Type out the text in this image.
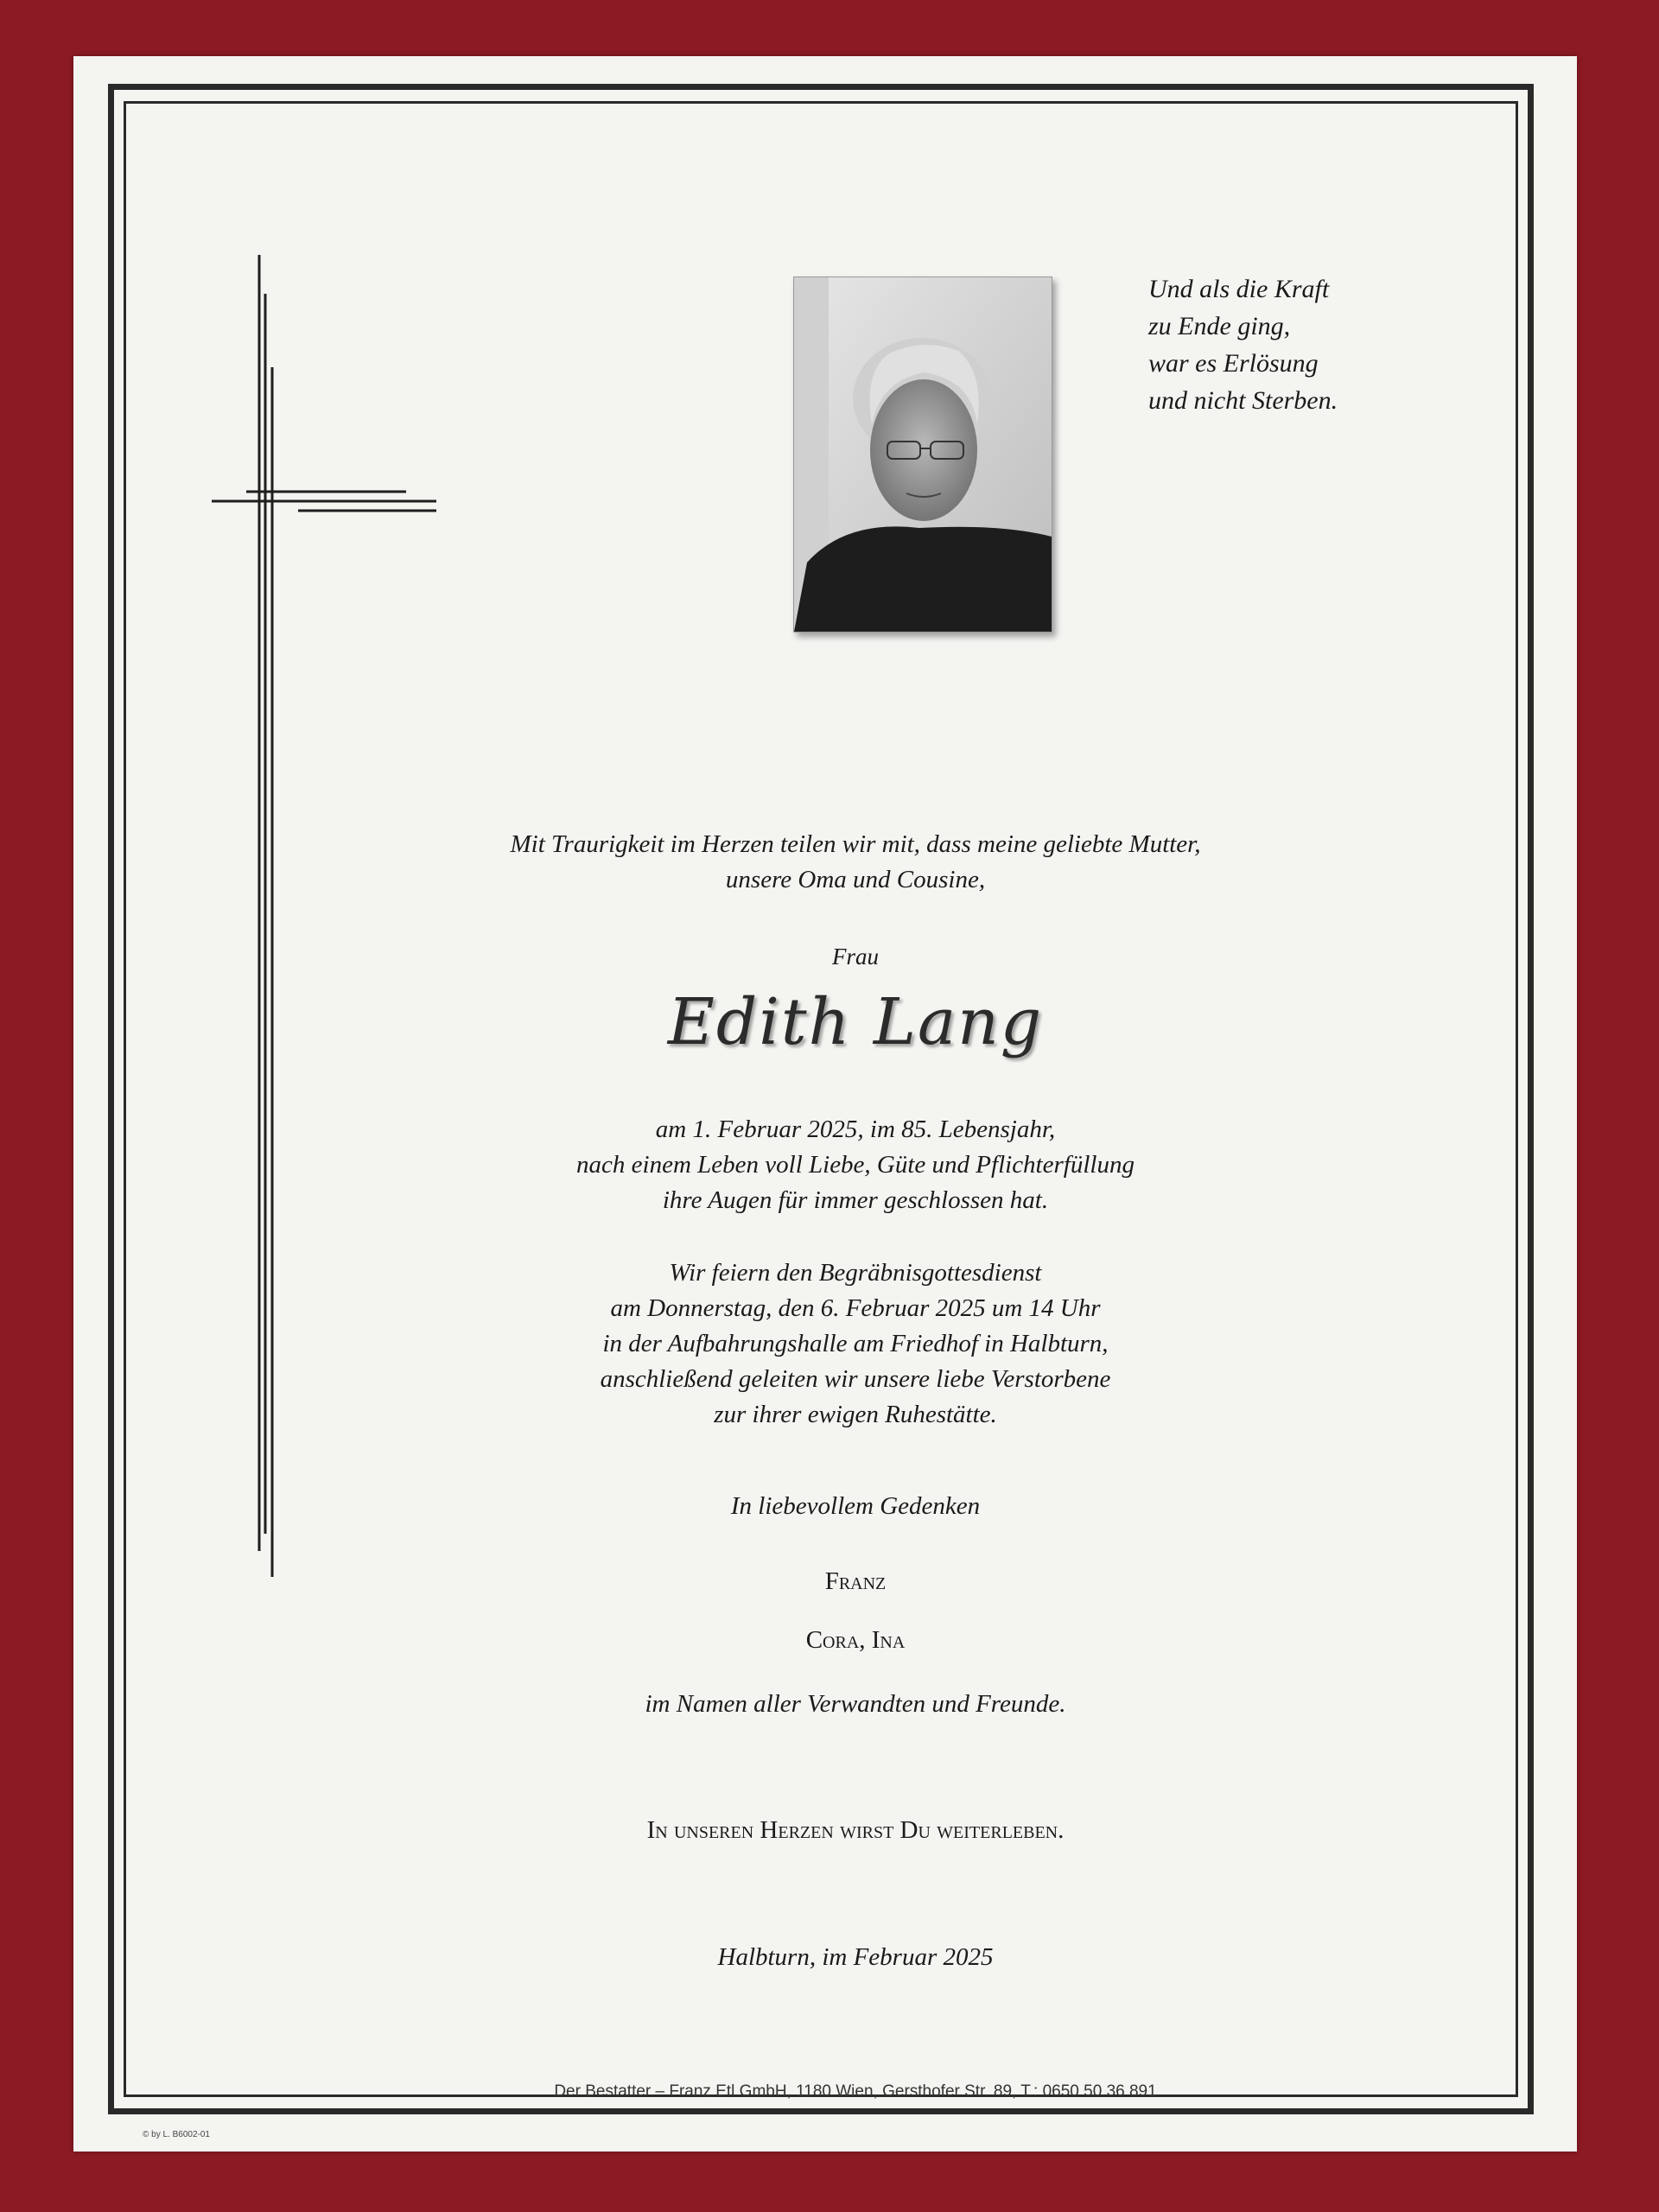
Und als die Kraft
zu Ende ging,
war es Erlösung
und nicht Sterben.
Mit Traurigkeit im Herzen teilen wir mit, dass meine geliebte Mutter,
unsere Oma und Cousine,
Frau
Edith Lang
am 1. Februar 2025, im 85. Lebensjahr,
nach einem Leben voll Liebe, Güte und Pflichterfüllung
ihre Augen für immer geschlossen hat.
Wir feiern den Begräbnisgottesdienst
am Donnerstag, den 6. Februar 2025 um 14 Uhr
in der Aufbahrungshalle am Friedhof in Halbturn,
anschließend geleiten wir unsere liebe Verstorbene
zur ihrer ewigen Ruhestätte.
In liebevollem Gedenken
Franz
Cora, Ina
im Namen aller Verwandten und Freunde.
In unseren Herzen wirst Du weiterleben.
Halbturn, im Februar 2025
Der Bestatter – Franz Etl GmbH, 1180 Wien, Gersthofer Str. 89, T.: 0650 50 36 891
© by L. B6002-01
